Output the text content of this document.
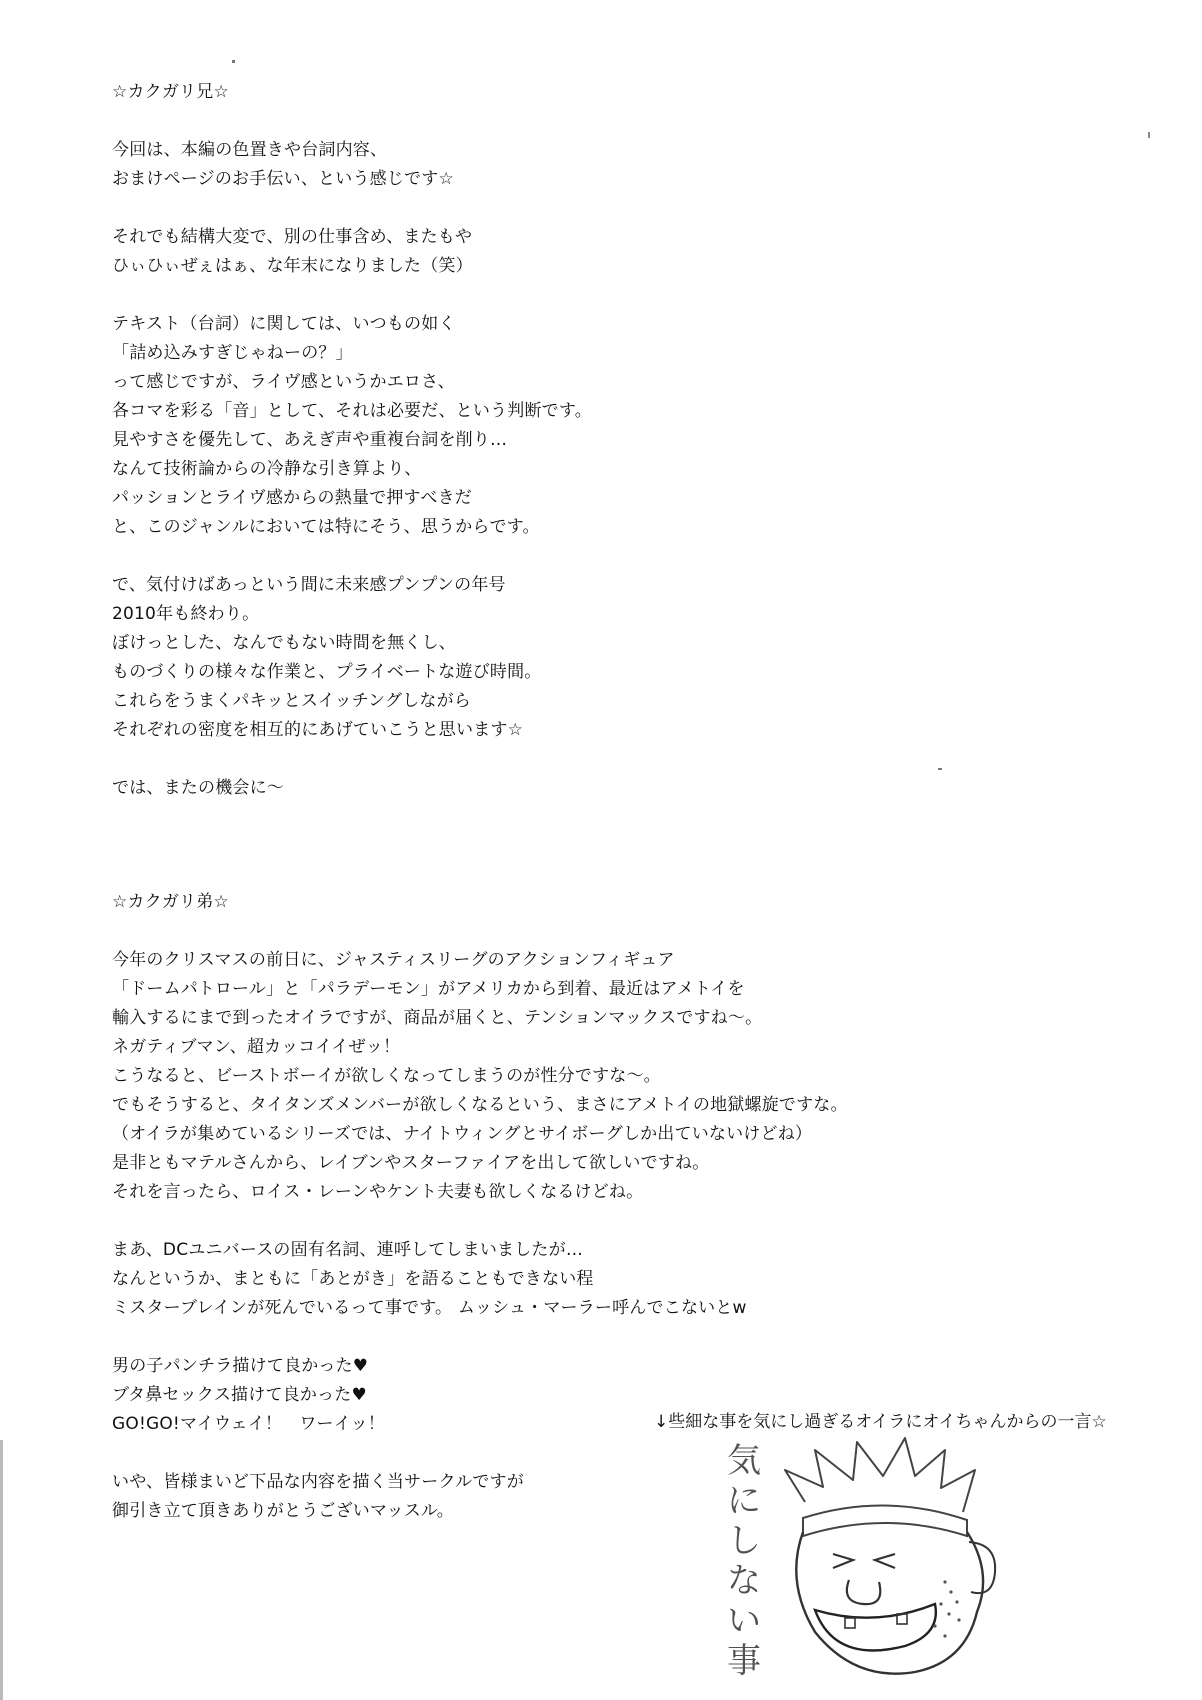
☆カクガリ兄☆
今回は、本編の色置きや台詞内容、
おまけページのお手伝い、という感じです☆
それでも結構大変で、別の仕事含め、またもや
ひぃひぃぜぇはぁ、な年末になりました（笑）
テキスト（台詞）に関しては、いつもの如く
「詰め込みすぎじゃねーの？」
って感じですが、ライヴ感というかエロさ、
各コマを彩る「音」として、それは必要だ、という判断です。
見やすさを優先して、あえぎ声や重複台詞を削り…
なんて技術論からの冷静な引き算より、
パッションとライヴ感からの熱量で押すべきだ
と、このジャンルにおいては特にそう、思うからです。
で、気付けばあっという間に未来感プンプンの年号
2010年も終わり。
ぼけっとした、なんでもない時間を無くし、
ものづくりの様々な作業と、プライベートな遊び時間。
これらをうまくパキッとスイッチングしながら
それぞれの密度を相互的にあげていこうと思います☆
では、またの機会に～
☆カクガリ弟☆
今年のクリスマスの前日に、ジャスティスリーグのアクションフィギュア
「ドームパトロール」と「パラデーモン」がアメリカから到着、最近はアメトイを
輸入するにまで到ったオイラですが、商品が届くと、テンションマックスですね～。
ネガティブマン、超カッコイイぜッ！
こうなると、ビーストボーイが欲しくなってしまうのが性分ですな～。
でもそうすると、タイタンズメンバーが欲しくなるという、まさにアメトイの地獄螺旋ですな。
（オイラが集めているシリーズでは、ナイトウィングとサイボーグしか出ていないけどね）
是非ともマテルさんから、レイブンやスターファイアを出して欲しいですね。
それを言ったら、ロイス・レーンやケント夫妻も欲しくなるけどね。
まあ、DCユニバースの固有名詞、連呼してしまいましたが…
なんというか、まともに「あとがき」を語ることもできない程
ミスターブレインが死んでいるって事です。 ムッシュ・マーラー呼んでこないとw
男の子パンチラ描けて良かった♥
ブタ鼻セックス描けて良かった♥
GO!GO!マイウェイ！　ワーイッ！
いや、皆様まいど下品な内容を描く当サークルですが
御引き立て頂きありがとうございマッスル。
↓些細な事を気にし過ぎるオイラにオイちゃんからの一言☆
気にしない事
